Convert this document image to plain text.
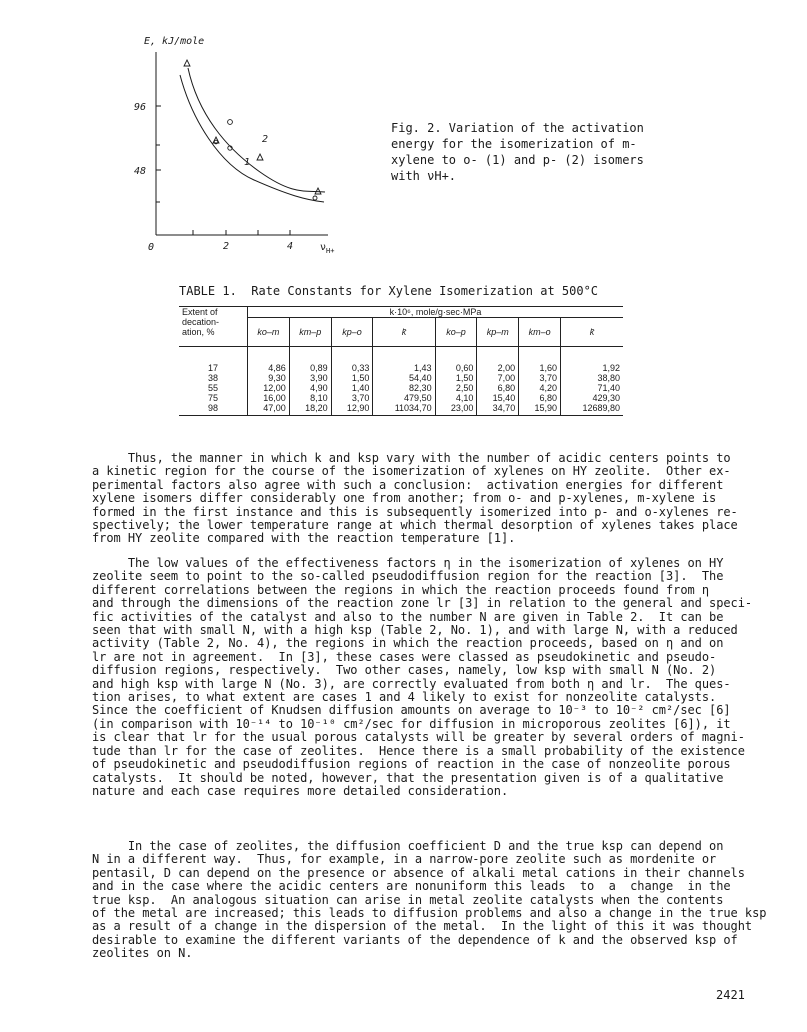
E, kJ/mole
96
48
0	2	4	$\nu_{H+}$
1
2
Fig. 2. Variation of the activation
energy for the isomerization of m-
xylene to o- (1) and p- (2) isomers
with νH+.
TABLE 1.  Rate Constants for Xylene Isomerization at 500°C
Extent of
decation-
ation, %	k·10⁶, mole/g·sec·MPa							
	ko–m	km–p	kp–o	k̄	ko–p	kp–m	km–o	k̄
17	4,86	0,89	0,33	1,43	0,60	2,00	1,60	1,92
38	9,30	3,90	1,50	54,40	1,50	7,00	3,70	38,80
55	12,00	4,90	1,40	82,30	2,50	6,80	4,20	71,40
75	16,00	8,10	3,70	479,50	4,10	15,40	6,80	429,30
98	47,00	18,20	12,90	11034,70	23,00	34,70	15,90	12689,80
Thus, the manner in which k and ksp vary with the number of acidic centers points to
a kinetic region for the course of the isomerization of xylenes on HY zeolite.  Other ex-
perimental factors also agree with such a conclusion:  activation energies for different
xylene isomers differ considerably one from another; from o- and p-xylenes, m-xylene is
formed in the first instance and this is subsequently isomerized into p- and o-xylenes re-
spectively; the lower temperature range at which thermal desorption of xylenes takes place
from HY zeolite compared with the reaction temperature [1].
The low values of the effectiveness factors η in the isomerization of xylenes on HY
zeolite seem to point to the so-called pseudodiffusion region for the reaction [3].  The
different correlations between the regions in which the reaction proceeds found from η
and through the dimensions of the reaction zone lr [3] in relation to the general and speci-
fic activities of the catalyst and also to the number N are given in Table 2.  It can be
seen that with small N, with a high ksp (Table 2, No. 1), and with large N, with a reduced
activity (Table 2, No. 4), the regions in which the reaction proceeds, based on η and on
lr are not in agreement.  In [3], these cases were classed as pseudokinetic and pseudo-
diffusion regions, respectively.  Two other cases, namely, low ksp with small N (No. 2)
and high ksp with large N (No. 3), are correctly evaluated from both η and lr.  The ques-
tion arises, to what extent are cases 1 and 4 likely to exist for nonzeolite catalysts.
Since the coefficient of Knudsen diffusion amounts on average to 10⁻³ to 10⁻² cm²/sec [6]
(in comparison with 10⁻¹⁴ to 10⁻¹⁰ cm²/sec for diffusion in microporous zeolites [6]), it
is clear that lr for the usual porous catalysts will be greater by several orders of magni-
tude than lr for the case of zeolites.  Hence there is a small probability of the existence
of pseudokinetic and pseudodiffusion regions of reaction in the case of nonzeolite porous
catalysts.  It should be noted, however, that the presentation given is of a qualitative
nature and each case requires more detailed consideration.
In the case of zeolites, the diffusion coefficient D and the true ksp can depend on
N in a different way.  Thus, for example, in a narrow-pore zeolite such as mordenite or
pentasil, D can depend on the presence or absence of alkali metal cations in their channels
and in the case where the acidic centers are nonuniform this leads  to  a  change  in the
true ksp.  An analogous situation can arise in metal zeolite catalysts when the contents
of the metal are increased; this leads to diffusion problems and also a change in the true ksp
as a result of a change in the dispersion of the metal.  In the light of this it was thought
desirable to examine the different variants of the dependence of k and the observed ksp of
zeolites on N.
2421
